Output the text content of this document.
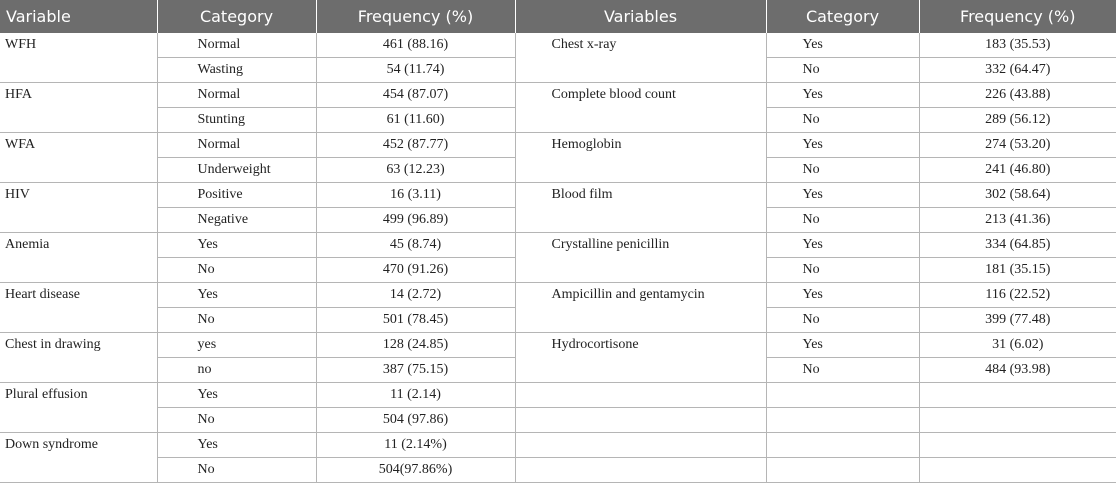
Variable	Category	Frequency (%)	Variables	Category	Frequency (%)
WFH	Normal	461 (88.16)	Chest x-ray	Yes	183 (35.53)
	Wasting	54 (11.74)		No	332 (64.47)
HFA	Normal	454 (87.07)	Complete blood count	Yes	226 (43.88)
	Stunting	61 (11.60)		No	289 (56.12)
WFA	Normal	452 (87.77)	Hemoglobin	Yes	274 (53.20)
	Underweight	63 (12.23)		No	241 (46.80)
HIV	Positive	16 (3.11)	Blood film	Yes	302 (58.64)
	Negative	499 (96.89)		No	213 (41.36)
Anemia	Yes	45 (8.74)	Crystalline penicillin	Yes	334 (64.85)
	No	470 (91.26)		No	181 (35.15)
Heart disease	Yes	14 (2.72)	Ampicillin and gentamycin	Yes	116 (22.52)
	No	501 (78.45)		No	399 (77.48)
Chest in drawing	yes	128 (24.85)	Hydrocortisone	Yes	31 (6.02)
	no	387 (75.15)		No	484 (93.98)
Plural effusion	Yes	11 (2.14)			
	No	504 (97.86)			
Down syndrome	Yes	11 (2.14%)			
	No	504(97.86%)			
